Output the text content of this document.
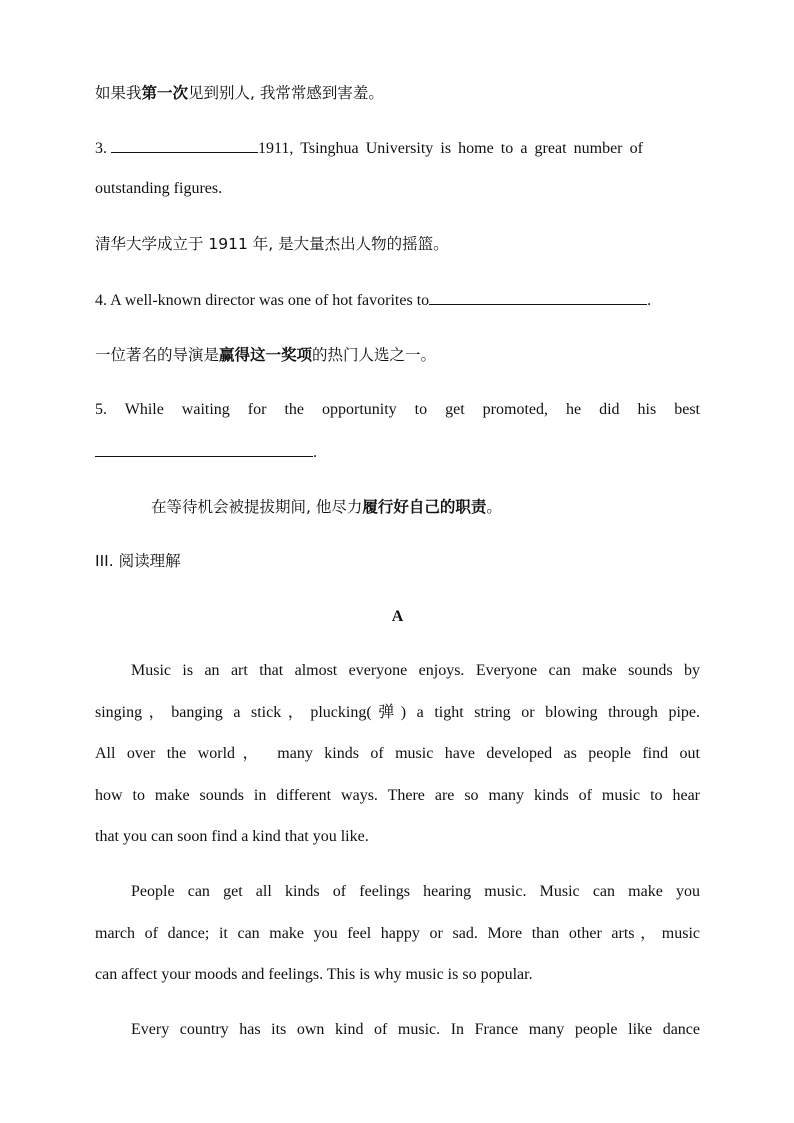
如果我第一次见到别人, 我常常感到害羞。
3.	1911, Tsinghua University is home to a great number of
outstanding figures.
清华大学成立于 1911 年, 是大量杰出人物的摇篮。
4. A well-known director was one of hot favorites to	.
一位著名的导演是赢得这一奖项的热门人选之一。
5. While waiting for the opportunity to get promoted, he did his best
.
在等待机会被提拔期间, 他尽力履行好自己的职责。
III. 阅读理解
A
Music is an art that almost everyone enjoys. Everyone can make sounds by
singing，banging a stick，plucking(弹) a tight string or blowing through pipe.
All over the world， many kinds of music have developed as people find out
how to make sounds in different ways. There are so many kinds of music to hear
that you can soon find a kind that you like.
People can get all kinds of feelings hearing music. Music can make you
march of dance; it can make you feel happy or sad. More than other arts，music
can affect your moods and feelings. This is why music is so popular.
Every country has its own kind of music. In France many people like dance
